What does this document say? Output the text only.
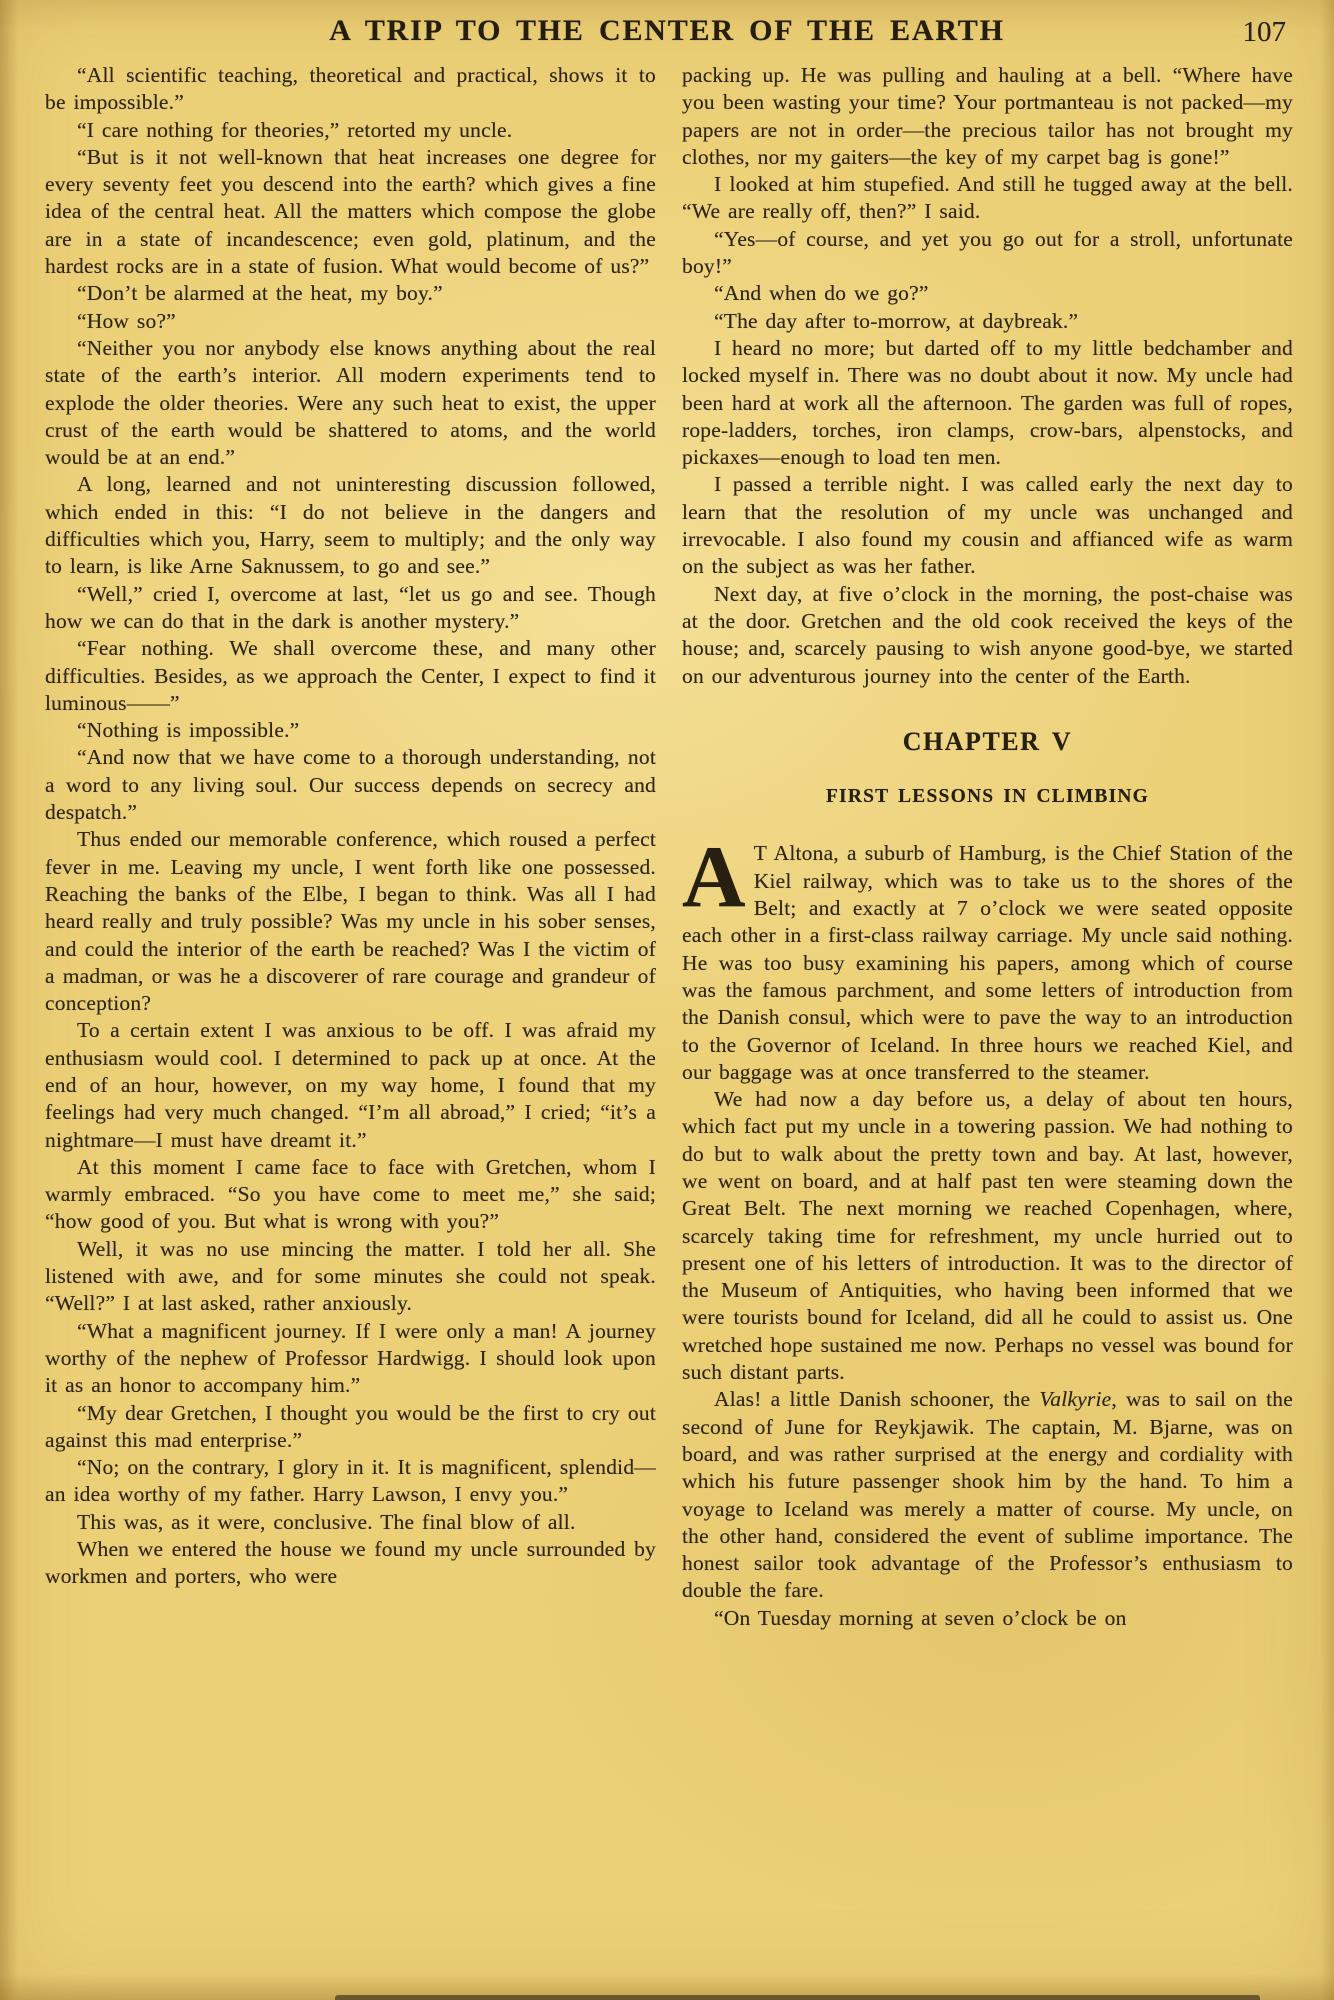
A TRIP TO THE CENTER OF THE EARTH	107

“All scientific teaching, theoretical and practical, shows it to be impossible.”

“I care nothing for theories,” retorted my uncle.

“But is it not well-known that heat increases one degree for every seventy feet you descend into the earth? which gives a fine idea of the central heat. All the matters which compose the globe are in a state of incandescence; even gold, platinum, and the hardest rocks are in a state of fusion. What would become of us?”

“Don’t be alarmed at the heat, my boy.”

“How so?”

“Neither you nor anybody else knows anything about the real state of the earth’s interior. All modern experiments tend to explode the older theories. Were any such heat to exist, the upper crust of the earth would be shattered to atoms, and the world would be at an end.”

A long, learned and not uninteresting discussion followed, which ended in this: “I do not believe in the dangers and difficulties which you, Harry, seem to multiply; and the only way to learn, is like Arne Saknussem, to go and see.”

“Well,” cried I, overcome at last, “let us go and see. Though how we can do that in the dark is another mystery.”

“Fear nothing. We shall overcome these, and many other difficulties. Besides, as we approach the Center, I expect to find it luminous——”

“Nothing is impossible.”

“And now that we have come to a thorough understanding, not a word to any living soul. Our success depends on secrecy and despatch.”

Thus ended our memorable conference, which roused a perfect fever in me. Leaving my uncle, I went forth like one possessed. Reaching the banks of the Elbe, I began to think. Was all I had heard really and truly possible? Was my uncle in his sober senses, and could the interior of the earth be reached? Was I the victim of a madman, or was he a discoverer of rare courage and grandeur of conception?

To a certain extent I was anxious to be off. I was afraid my enthusiasm would cool. I determined to pack up at once. At the end of an hour, however, on my way home, I found that my feelings had very much changed. “I’m all abroad,” I cried; “it’s a nightmare—I must have dreamt it.”

At this moment I came face to face with Gretchen, whom I warmly embraced. “So you have come to meet me,” she said; “how good of you. But what is wrong with you?”

Well, it was no use mincing the matter. I told her all. She listened with awe, and for some minutes she could not speak. “Well?” I at last asked, rather anxiously.

“What a magnificent journey. If I were only a man! A journey worthy of the nephew of Professor Hardwigg. I should look upon it as an honor to accompany him.”

“My dear Gretchen, I thought you would be the first to cry out against this mad enterprise.”

“No; on the contrary, I glory in it. It is magnificent, splendid—an idea worthy of my father. Harry Lawson, I envy you.”

This was, as it were, conclusive. The final blow of all.

When we entered the house we found my uncle surrounded by workmen and porters, who were

packing up. He was pulling and hauling at a bell. “Where have you been wasting your time? Your portmanteau is not packed—my papers are not in order—the precious tailor has not brought my clothes, nor my gaiters—the key of my carpet bag is gone!”

I looked at him stupefied. And still he tugged away at the bell. “We are really off, then?” I said.

“Yes—of course, and yet you go out for a stroll, unfortunate boy!”

“And when do we go?”

“The day after to-morrow, at daybreak.”

I heard no more; but darted off to my little bedchamber and locked myself in. There was no doubt about it now. My uncle had been hard at work all the afternoon. The garden was full of ropes, rope-ladders, torches, iron clamps, crow-bars, alpenstocks, and pickaxes—enough to load ten men.

I passed a terrible night. I was called early the next day to learn that the resolution of my uncle was unchanged and irrevocable. I also found my cousin and affianced wife as warm on the subject as was her father.

Next day, at five o’clock in the morning, the post-chaise was at the door. Gretchen and the old cook received the keys of the house; and, scarcely pausing to wish anyone good-bye, we started on our adventurous journey into the center of the Earth.

CHAPTER V
FIRST LESSONS IN CLIMBING

A T Altona, a suburb of Hamburg, is the Chief Station of the Kiel railway, which was to take us to the shores of the Belt; and exactly at 7 o’clock we were seated opposite each other in a first-class railway carriage. My uncle said nothing. He was too busy examining his papers, among which of course was the famous parchment, and some letters of introduction from the Danish consul, which were to pave the way to an introduction to the Governor of Iceland. In three hours we reached Kiel, and our baggage was at once transferred to the steamer.

We had now a day before us, a delay of about ten hours, which fact put my uncle in a towering passion. We had nothing to do but to walk about the pretty town and bay. At last, however, we went on board, and at half past ten were steaming down the Great Belt. The next morning we reached Copenhagen, where, scarcely taking time for refreshment, my uncle hurried out to present one of his letters of introduction. It was to the director of the Museum of Antiquities, who having been informed that we were tourists bound for Iceland, did all he could to assist us. One wretched hope sustained me now. Perhaps no vessel was bound for such distant parts.

Alas! a little Danish schooner, the Valkyrie, was to sail on the second of June for Reykjawik. The captain, M. Bjarne, was on board, and was rather surprised at the energy and cordiality with which his future passenger shook him by the hand. To him a voyage to Iceland was merely a matter of course. My uncle, on the other hand, considered the event of sublime importance. The honest sailor took advantage of the Professor’s enthusiasm to double the fare.

“On Tuesday morning at seven o’clock be on
